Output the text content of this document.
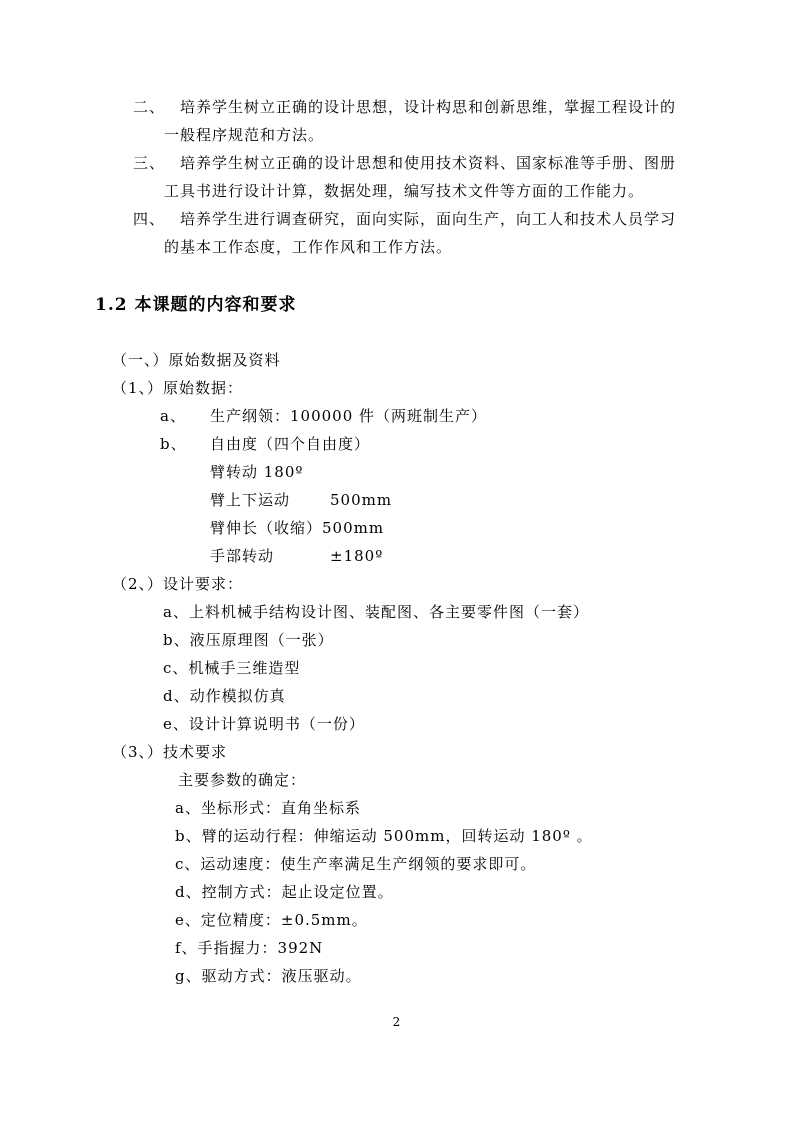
二、 培养学生树立正确的设计思想，设计构思和创新思维，掌握工程设计的
一般程序规范和方法。
三、 培养学生树立正确的设计思想和使用技术资料、国家标准等手册、图册
工具书进行设计计算，数据处理，编写技术文件等方面的工作能力。
四、 培养学生进行调查研究，面向实际，面向生产，向工人和技术人员学习
的基本工作态度，工作作风和工作方法。
1.2 本课题的内容和要求
（一、）原始数据及资料
（1、）原始数据：
a、 生产纲领：100000 件（两班制生产）
b、 自由度（四个自由度）
臂转动 180º
臂上下运动	500mm
臂伸长（收缩）500mm
手部转动	±180º
（2、）设计要求：
a、上料机械手结构设计图、装配图、各主要零件图（一套）
b、液压原理图（一张）
c、机械手三维造型
d、动作模拟仿真
e、设计计算说明书（一份）
（3、）技术要求
主要参数的确定：
a、坐标形式：直角坐标系
b、臂的运动行程：伸缩运动 500mm，回转运动 180º 。
c、运动速度：使生产率满足生产纲领的要求即可。
d、控制方式：起止设定位置。
e、定位精度：±0.5mm。
f、手指握力：392N
g、驱动方式：液压驱动。
2
